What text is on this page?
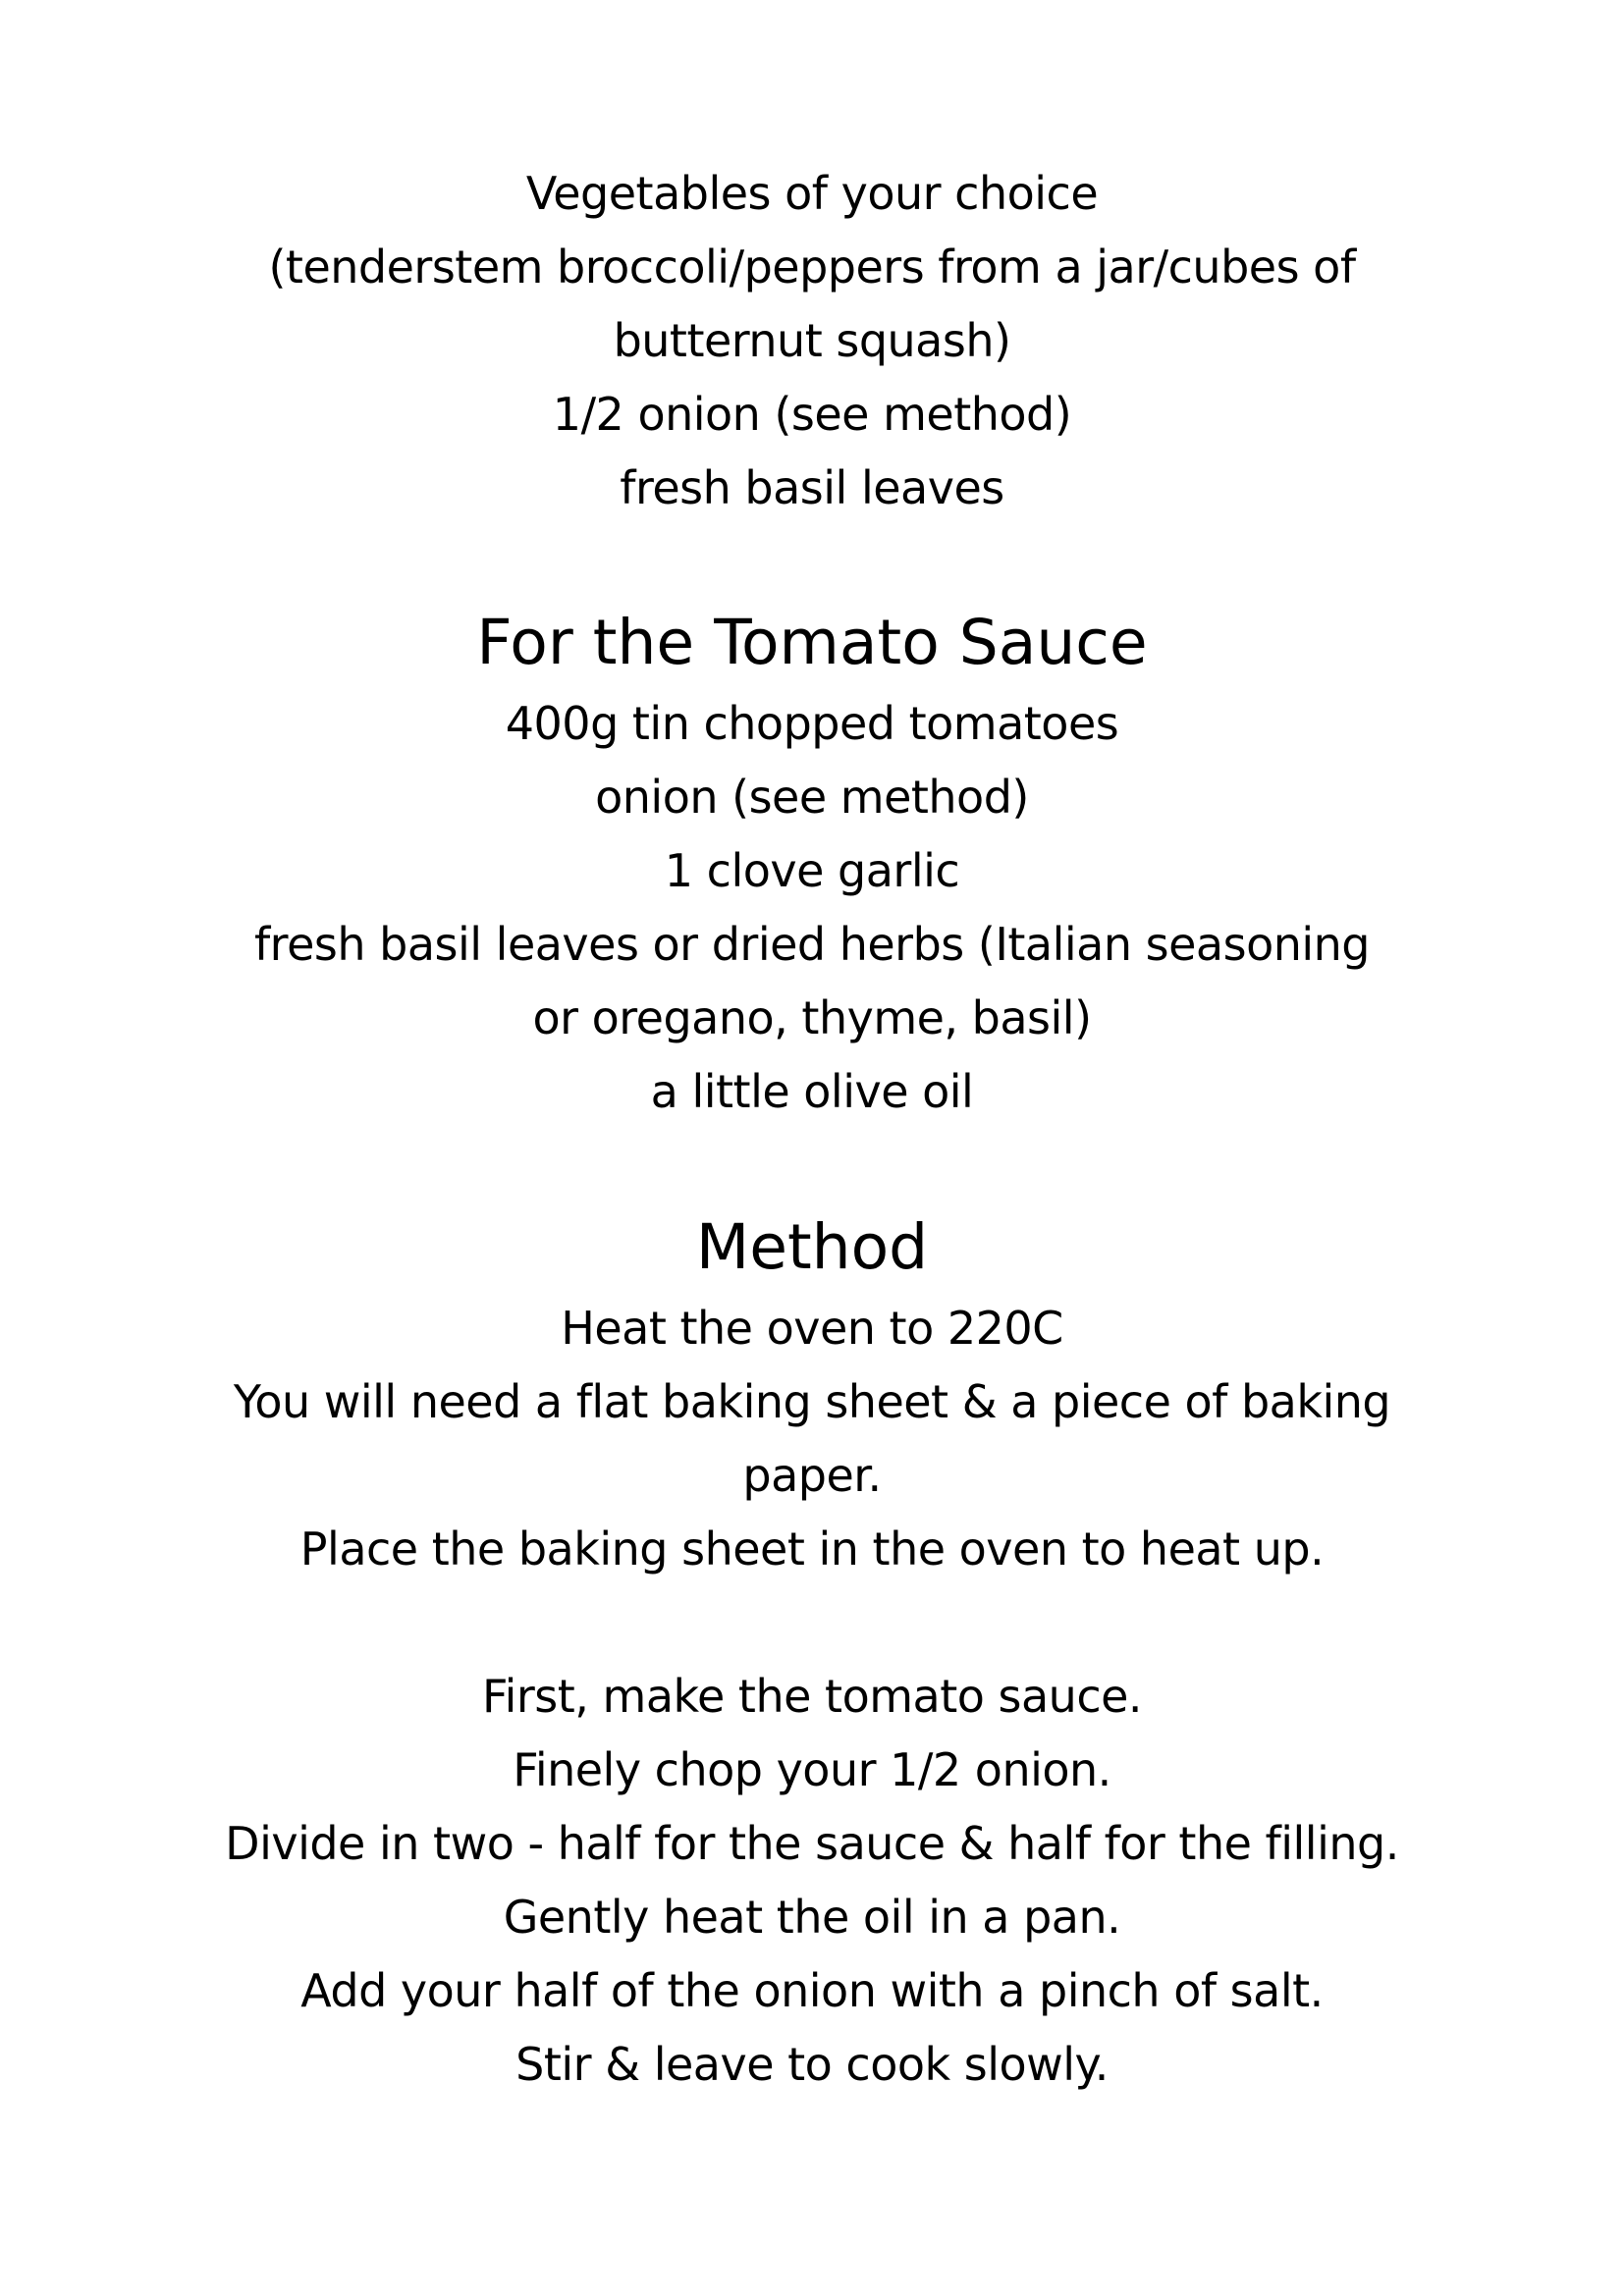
Vegetables of your choice
(tenderstem broccoli/peppers from a jar/cubes of
butternut squash)
1/2 onion (see method)
fresh basil leaves
For the Tomato Sauce
400g tin chopped tomatoes
onion (see method)
1 clove garlic
fresh basil leaves or dried herbs (Italian seasoning
or oregano, thyme, basil)
a little olive oil
Method
Heat the oven to 220C
You will need a flat baking sheet & a piece of baking
paper.
Place the baking sheet in the oven to heat up.
First, make the tomato sauce.
Finely chop your 1/2 onion.
Divide in two - half for the sauce & half for the filling.
Gently heat the oil in a pan.
Add your half of the onion with a pinch of salt.
Stir & leave to cook slowly.
